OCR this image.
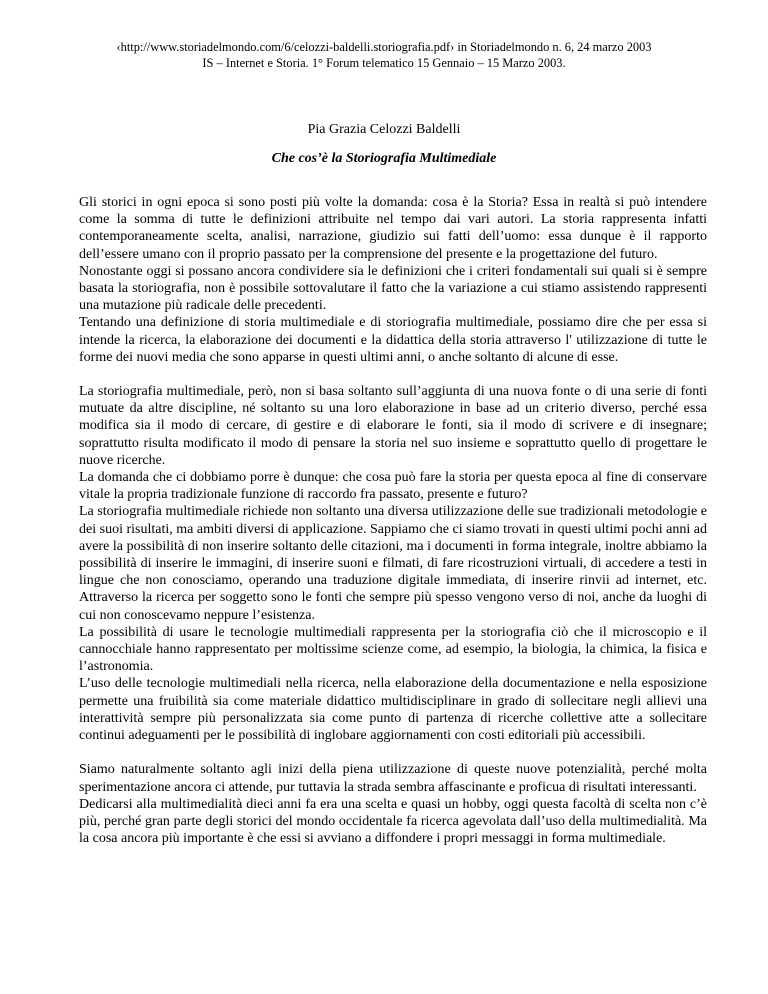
‹http://www.storiadelmondo.com/6/celozzi-baldelli.storiografia.pdf› in Storiadelmondo n. 6, 24 marzo 2003
IS – Internet e Storia. 1° Forum telematico 15 Gennaio – 15 Marzo 2003.
Pia Grazia Celozzi Baldelli
Che cos’è la Storiografia Multimediale

Gli storici in ogni epoca si sono posti più volte la domanda: cosa è la Storia? Essa in realtà si può intendere come la somma di tutte le definizioni attribuite nel tempo dai vari autori. La storia rappresenta infatti contemporaneamente scelta, analisi, narrazione, giudizio sui fatti dell’uomo: essa dunque è il rapporto dell’essere umano con il proprio passato per la comprensione del presente e la progettazione del futuro.

Nonostante oggi si possano ancora condividere sia le definizioni che i criteri fondamentali sui quali si è sempre basata la storiografia, non è possibile sottovalutare il fatto che la variazione a cui stiamo assistendo rappresenti una mutazione più radicale delle precedenti.

Tentando una definizione di storia multimediale e di storiografia multimediale, possiamo dire che per essa si intende la ricerca, la elaborazione dei documenti e la didattica della storia attraverso l' utilizzazione di tutte le forme dei nuovi media che sono apparse in questi ultimi anni, o anche soltanto di alcune di esse.

La storiografia multimediale, però, non si basa soltanto sull’aggiunta di una nuova fonte o di una serie di fonti mutuate da altre discipline, né soltanto su una loro elaborazione in base ad un criterio diverso, perché essa modifica sia il modo di cercare, di gestire e di elaborare le fonti, sia il modo di scrivere e di insegnare; soprattutto risulta modificato il modo di pensare la storia nel suo insieme e soprattutto quello di progettare le nuove ricerche.

La domanda che ci dobbiamo porre è dunque: che cosa può fare la storia per questa epoca al fine di conservare vitale la propria tradizionale funzione di raccordo fra passato, presente e futuro?

La storiografia multimediale richiede non soltanto una diversa utilizzazione delle sue tradizionali metodologie e dei suoi risultati, ma ambiti diversi di applicazione. Sappiamo che ci siamo trovati in questi ultimi pochi anni ad avere la possibilità di non inserire soltanto delle citazioni, ma i documenti in forma integrale, inoltre abbiamo la possibilità di inserire le immagini, di inserire suoni e filmati, di fare ricostruzioni virtuali, di accedere a testi in lingue che non conosciamo, operando una traduzione digitale immediata, di inserire rinvii ad internet, etc. Attraverso la ricerca per soggetto sono le fonti che sempre più spesso vengono verso di noi, anche da luoghi di cui non conoscevamo neppure l’esistenza.

La possibilità di usare le tecnologie multimediali rappresenta per la storiografia ciò che il microscopio e il cannocchiale hanno rappresentato per moltissime scienze come, ad esempio, la biologia, la chimica, la fisica e l’astronomia.

L’uso delle tecnologie multimediali nella ricerca, nella elaborazione della documentazione e nella esposizione permette una fruibilità sia come materiale didattico multidisciplinare in grado di sollecitare negli allievi una interattività sempre più personalizzata sia come punto di partenza di ricerche collettive atte a sollecitare continui adeguamenti per le possibilità di inglobare aggiornamenti con costi editoriali più accessibili.

Siamo naturalmente soltanto agli inizi della piena utilizzazione di queste nuove potenzialità, perché molta sperimentazione ancora ci attende, pur tuttavia la strada sembra affascinante e proficua di risultati interessanti.

Dedicarsi alla multimedialità dieci anni fa era una scelta e quasi un hobby, oggi questa facoltà di scelta non c’è più, perché gran parte degli storici del mondo occidentale fa ricerca agevolata dall’uso della multimedialità. Ma la cosa ancora più importante è che essi si avviano a diffondere i propri messaggi in forma multimediale.
